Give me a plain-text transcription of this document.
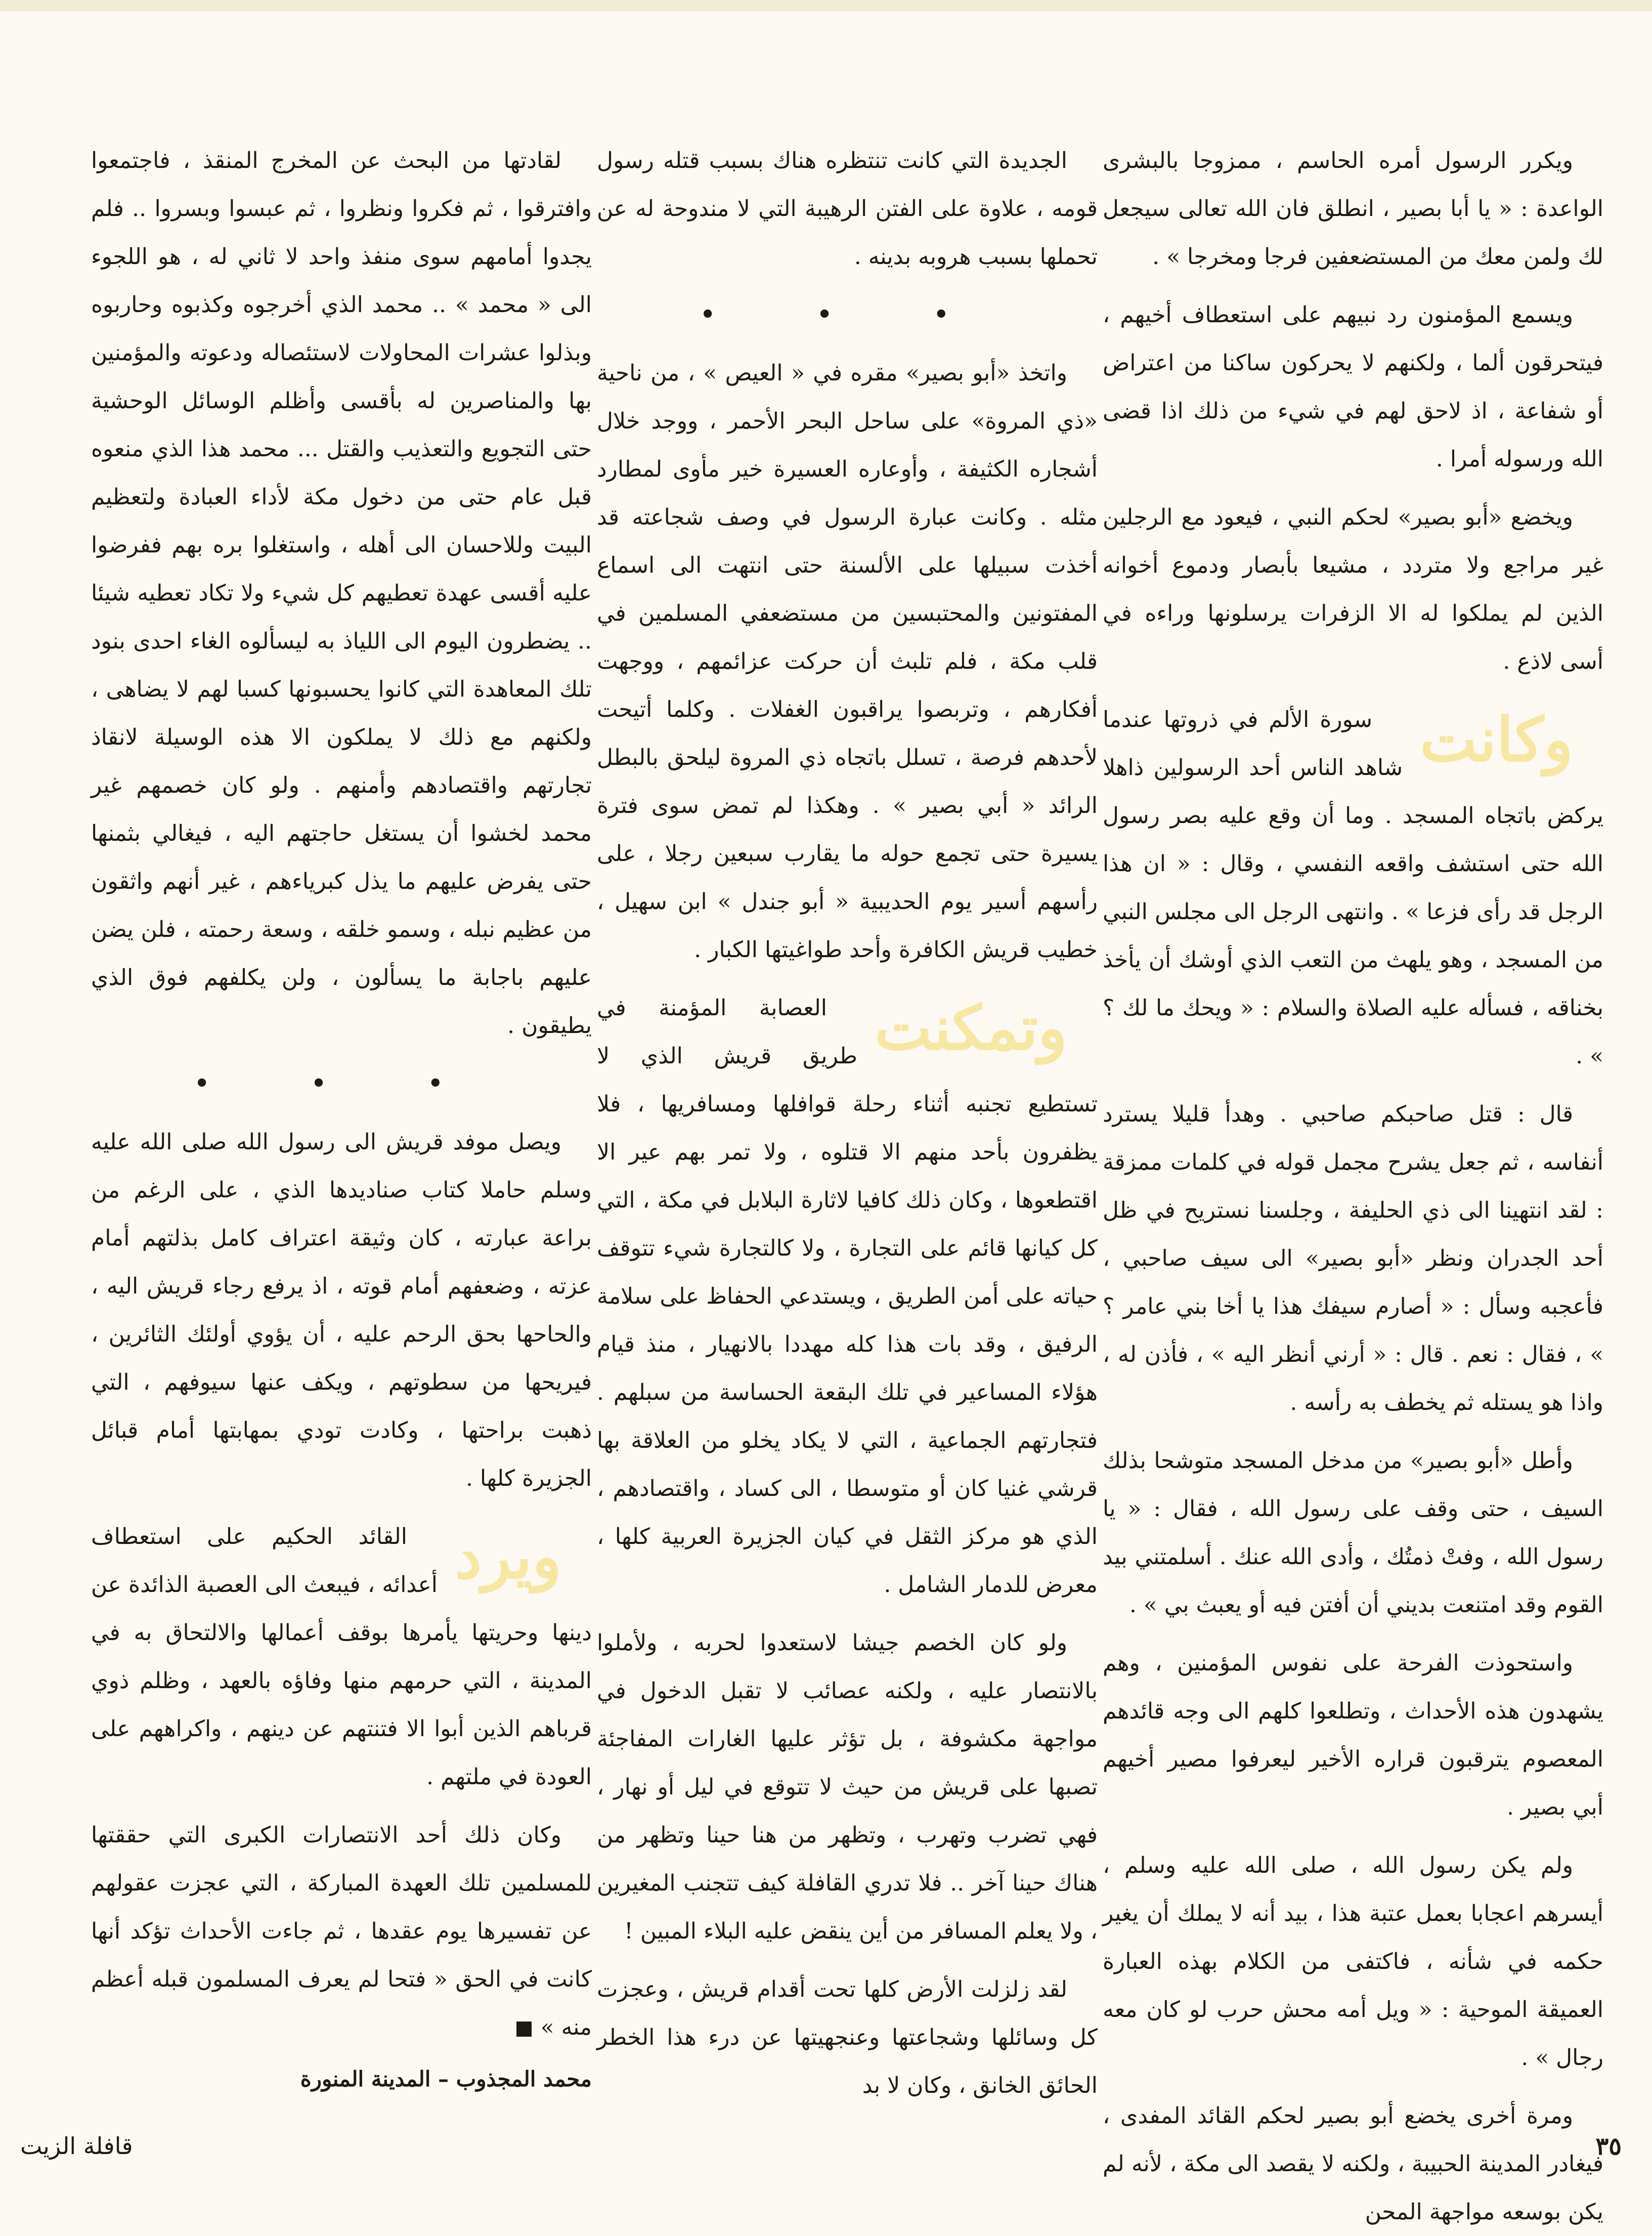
ويكرر الرسول أمره الحاسم ، ممزوجا بالبشرى الواعدة : « يا أبا بصير ، انطلق فان الله تعالى سيجعل لك ولمن معك من المستضعفين فرجا ومخرجا » .

ويسمع المؤمنون رد نبيهم على استعطاف أخيهم ، فيتحرقون ألما ، ولكنهم لا يحركون ساكنا من اعتراض أو شفاعة ، اذ لاحق لهم في شيء من ذلك اذا قضى الله ورسوله أمرا .

ويخضع «أبو بصير» لحكم النبي ، فيعود مع الرجلين غير مراجع ولا متردد ، مشيعا بأبصار ودموع أخوانه الذين لم يملكوا له الا الزفرات يرسلونها وراءه في أسى لاذع .

وكانت
سورة الألم في ذروتها عندما شاهد الناس أحد الرسولين ذاهلا يركض باتجاه المسجد . وما أن وقع عليه بصر رسول الله حتى استشف واقعه النفسي ، وقال : « ان هذا الرجل قد رأى فزعا » . وانتهى الرجل الى مجلس النبي من المسجد ، وهو يلهث من التعب الذي أوشك أن يأخذ بخناقه ، فسأله عليه الصلاة والسلام : « ويحك ما لك ؟ » .

قال : قتل صاحبكم صاحبي . وهدأ قليلا يسترد أنفاسه ، ثم جعل يشرح مجمل قوله في كلمات ممزقة : لقد انتهينا الى ذي الحليفة ، وجلسنا نستريح في ظل أحد الجدران ونظر «أبو بصير» الى سيف صاحبي ، فأعجبه وسأل : « أصارم سيفك هذا يا أخا بني عامر ؟ » ، فقال : نعم . قال : « أرني أنظر اليه » ، فأذن له ، واذا هو يستله ثم يخطف به رأسه .

وأطل «أبو بصير» من مدخل المسجد متوشحا بذلك السيف ، حتى وقف على رسول الله ، فقال : « يا رسول الله ، وفتْ ذمتُك ، وأدى الله عنك . أسلمتني بيد القوم وقد امتنعت بديني أن أفتن فيه أو يعبث بي » .

واستحوذت الفرحة على نفوس المؤمنين ، وهم يشهدون هذه الأحداث ، وتطلعوا كلهم الى وجه قائدهم المعصوم يترقبون قراره الأخير ليعرفوا مصير أخيهم أبي بصير .

ولم يكن رسول الله ، صلى الله عليه وسلم ، أيسرهم اعجابا بعمل عتبة هذا ، بيد أنه لا يملك أن يغير حكمه في شأنه ، فاكتفى من الكلام بهذه العبارة العميقة الموحية : « ويل أمه محش حرب لو كان معه رجال » .

ومرة أخرى يخضع أبو بصير لحكم القائد المفدى ، فيغادر المدينة الحبيبة ، ولكنه لا يقصد الى مكة ، لأنه لم يكن بوسعه مواجهة المحن

الجديدة التي كانت تنتظره هناك بسبب قتله رسول قومه ، علاوة على الفتن الرهيبة التي لا مندوحة له عن تحملها بسبب هروبه بدينه .

• • •

واتخذ «أبو بصير» مقره في « العيص » ، من ناحية «ذي المروة» على ساحل البحر الأحمر ، ووجد خلال أشجاره الكثيفة ، وأوعاره العسيرة خير مأوى لمطارد مثله . وكانت عبارة الرسول في وصف شجاعته قد أخذت سبيلها على الألسنة حتى انتهت الى اسماع المفتونين والمحتبسين من مستضعفي المسلمين في قلب مكة ، فلم تلبث أن حركت عزائمهم ، ووجهت أفكارهم ، وتربصوا يراقبون الغفلات . وكلما أتيحت لأحدهم فرصة ، تسلل باتجاه ذي المروة ليلحق بالبطل الرائد « أبي بصير » . وهكذا لم تمض سوى فترة يسيرة حتى تجمع حوله ما يقارب سبعين رجلا ، على رأسهم أسير يوم الحديبية « أبو جندل » ابن سهيل ، خطيب قريش الكافرة وأحد طواغيتها الكبار .

وتمكنت
العصابة المؤمنة في طريق قريش الذي لا تستطيع تجنبه أثناء رحلة قوافلها ومسافريها ، فلا يظفرون بأحد منهم الا قتلوه ، ولا تمر بهم عير الا اقتطعوها ، وكان ذلك كافيا لاثارة البلابل في مكة ، التي كل كيانها قائم على التجارة ، ولا كالتجارة شيء تتوقف حياته على أمن الطريق ، ويستدعي الحفاظ على سلامة الرفيق ، وقد بات هذا كله مهددا بالانهيار ، منذ قيام هؤلاء المساعير في تلك البقعة الحساسة من سبلهم . فتجارتهم الجماعية ، التي لا يكاد يخلو من العلاقة بها قرشي غنيا كان أو متوسطا ، الى كساد ، واقتصادهم ، الذي هو مركز الثقل في كيان الجزيرة العربية كلها ، معرض للدمار الشامل .

ولو كان الخصم جيشا لاستعدوا لحربه ، ولأملوا بالانتصار عليه ، ولكنه عصائب لا تقبل الدخول في مواجهة مكشوفة ، بل تؤثر عليها الغارات المفاجئة تصبها على قريش من حيث لا تتوقع في ليل أو نهار ، فهي تضرب وتهرب ، وتظهر من هنا حينا وتظهر من هناك حينا آخر .. فلا تدري القافلة كيف تتجنب المغيرين ، ولا يعلم المسافر من أين ينقض عليه البلاء المبين !

لقد زلزلت الأرض كلها تحت أقدام قريش ، وعجزت كل وسائلها وشجاعتها وعنجهيتها عن درء هذا الخطر الحائق الخانق ، وكان لا بد

لقادتها من البحث عن المخرج المنقذ ، فاجتمعوا وافترقوا ، ثم فكروا ونظروا ، ثم عبسوا وبسروا .. فلم يجدوا أمامهم سوى منفذ واحد لا ثاني له ، هو اللجوء الى « محمد » .. محمد الذي أخرجوه وكذبوه وحاربوه وبذلوا عشرات المحاولات لاستئصاله ودعوته والمؤمنين بها والمناصرين له بأقسى وأظلم الوسائل الوحشية حتى التجويع والتعذيب والقتل ... محمد هذا الذي منعوه قبل عام حتى من دخول مكة لأداء العبادة ولتعظيم البيت وللاحسان الى أهله ، واستغلوا بره بهم ففرضوا عليه أقسى عهدة تعطيهم كل شيء ولا تكاد تعطيه شيئا .. يضطرون اليوم الى اللياذ به ليسألوه الغاء احدى بنود تلك المعاهدة التي كانوا يحسبونها كسبا لهم لا يضاهى ، ولكنهم مع ذلك لا يملكون الا هذه الوسيلة لانقاذ تجارتهم واقتصادهم وأمنهم . ولو كان خصمهم غير محمد لخشوا أن يستغل حاجتهم اليه ، فيغالي بثمنها حتى يفرض عليهم ما يذل كبرياءهم ، غير أنهم واثقون من عظيم نبله ، وسمو خلقه ، وسعة رحمته ، فلن يضن عليهم باجابة ما يسألون ، ولن يكلفهم فوق الذي يطيقون .

• • •

ويصل موفد قريش الى رسول الله صلى الله عليه وسلم حاملا كتاب صناديدها الذي ، على الرغم من براعة عبارته ، كان وثيقة اعتراف كامل بذلتهم أمام عزته ، وضعفهم أمام قوته ، اذ يرفع رجاء قريش اليه ، والحاحها بحق الرحم عليه ، أن يؤوي أولئك الثائرين ، فيريحها من سطوتهم ، ويكف عنها سيوفهم ، التي ذهبت براحتها ، وكادت تودي بمهابتها أمام قبائل الجزيرة كلها .

ويرد
القائد الحكيم على استعطاف أعدائه ، فيبعث الى العصبة الذائدة عن دينها وحريتها يأمرها بوقف أعمالها والالتحاق به في المدينة ، التي حرمهم منها وفاؤه بالعهد ، وظلم ذوي قرباهم الذين أبوا الا فتنتهم عن دينهم ، واكراههم على العودة في ملتهم .

وكان ذلك أحد الانتصارات الكبرى التي حققتها للمسلمين تلك العهدة المباركة ، التي عجزت عقولهم عن تفسيرها يوم عقدها ، ثم جاءت الأحداث تؤكد أنها كانت في الحق « فتحا لم يعرف المسلمون قبله أعظم منه »

محمد المجذوب – المدينة المنورة
٣٥
قافلة الزيت
